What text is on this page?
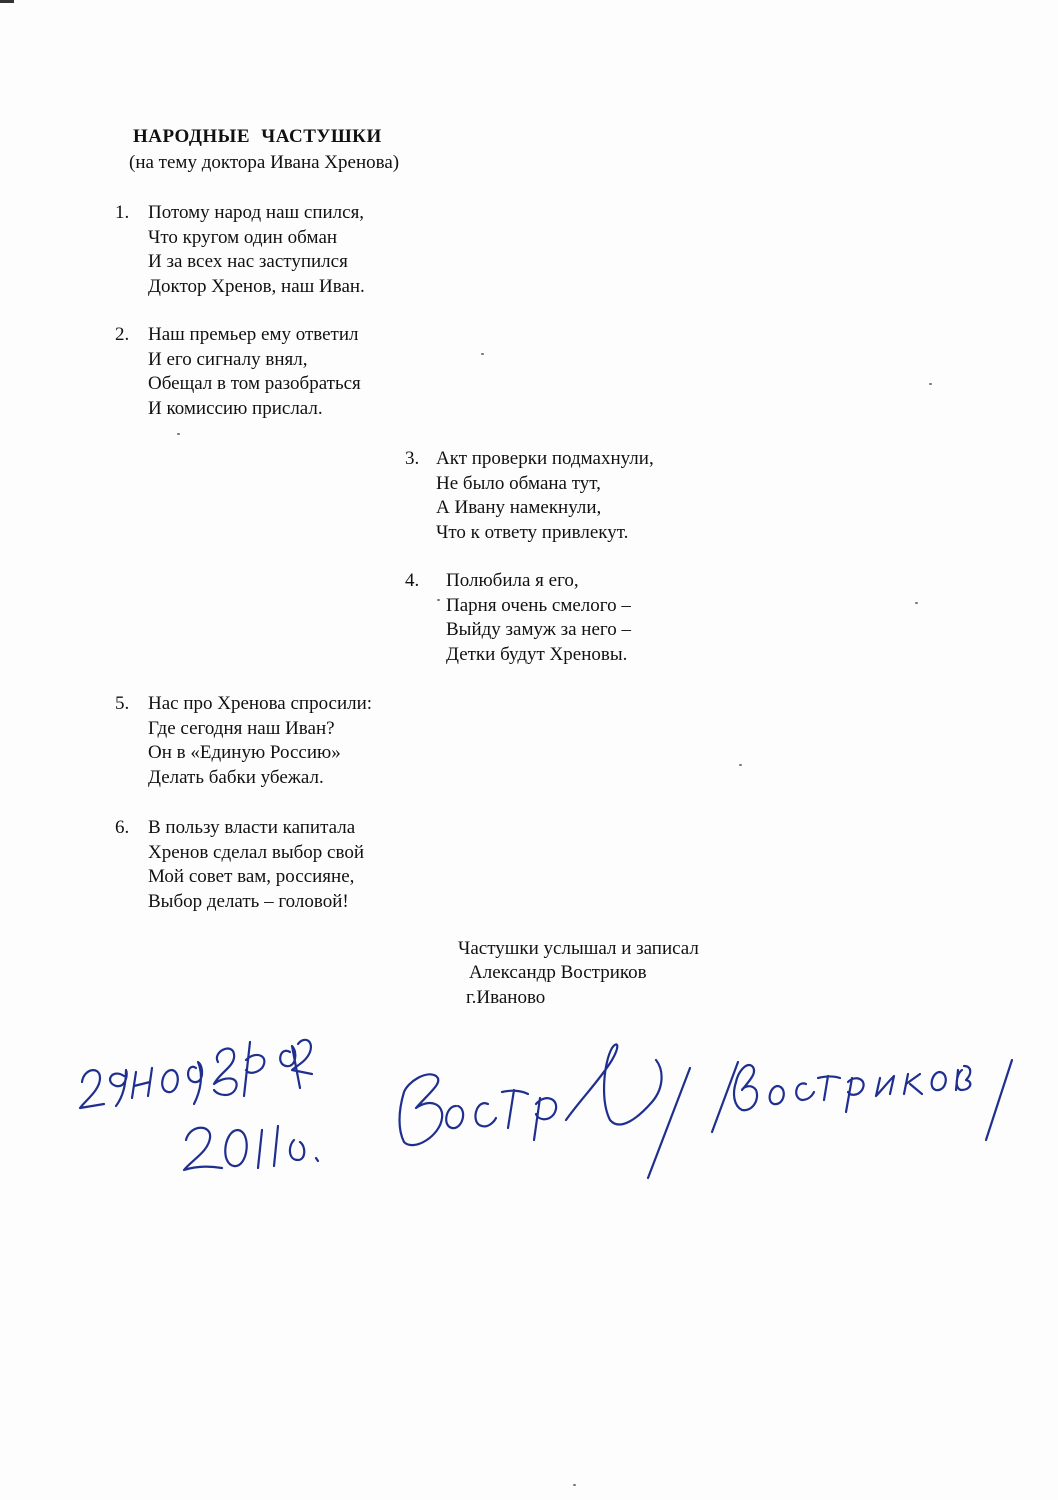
НАРОДНЫЕ ЧАСТУШКИ
(на тему доктора Ивана Хренова)
1. Потому народ наш спился,
Что кругом один обман
И за всех нас заступился
Доктор Хренов, наш Иван.
2. Наш премьер ему ответил
И его сигналу внял,
Обещал в том разобраться
И комиссию прислал.
3. Акт проверки подмахнули,
Не было обмана тут,
А Ивану намекнули,
Что к ответу привлекут.
4. Полюбила я его,
Парня очень смелого –
Выйду замуж за него –
Детки будут Хреновы.
5. Нас про Хренова спросили:
Где сегодня наш Иван?
Он в «Единую Россию»
Делать бабки убежал.
6. В пользу власти капитала
Хренов сделал выбор свой
Мой совет вам, россияне,
Выбор делать – головой!
Частушки услышал и записал
Александр Востриков
г.Иваново
